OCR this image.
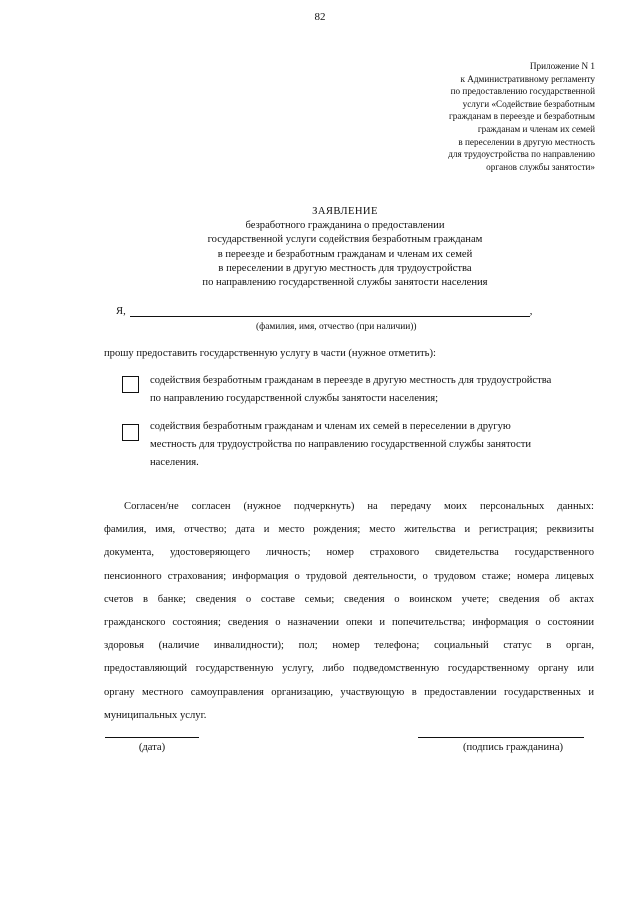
82
Приложение N 1
к Административному регламенту
по предоставлению государственной
услуги «Содействие безработным
гражданам в переезде и безработным
гражданам и членам их семей
в переселении в другую местность
для трудоустройства по направлению
органов службы занятости»
ЗАЯВЛЕНИЕ
безработного гражданина о предоставлении
государственной услуги содействия безработным гражданам
в переезде и безработным гражданам и членам их семей
в переселении в другую местность для трудоустройства
по направлению государственной службы занятости населения
Я,	,
(фамилия, имя, отчество (при наличии))
прошу предоставить государственную услугу в части (нужное отметить):
содействия безработным гражданам в переезде в другую местность для трудоустройства
по направлению государственной службы занятости населения;
содействия безработным гражданам и членам их семей в переселении в другую
местность для трудоустройства по направлению государственной службы занятости
населения.
Согласен/не согласен (нужное подчеркнуть) на передачу моих персональных данных:
фамилия, имя, отчество; дата и место рождения; место жительства и регистрация; реквизиты
документа, удостоверяющего личность; номер страхового свидетельства государственного
пенсионного страхования; информация о трудовой деятельности, о трудовом стаже; номера лицевых
счетов в банке; сведения о составе семьи; сведения о воинском учете; сведения об актах
гражданского состояния; сведения о назначении опеки и попечительства; информация о состоянии
здоровья (наличие инвалидности); пол; номер телефона; социальный статус в орган,
предоставляющий государственную услугу, либо подведомственную государственному органу или
органу местного самоуправления организацию, участвующую в предоставлении государственных и
муниципальных услуг.
(дата)	(подпись гражданина)
